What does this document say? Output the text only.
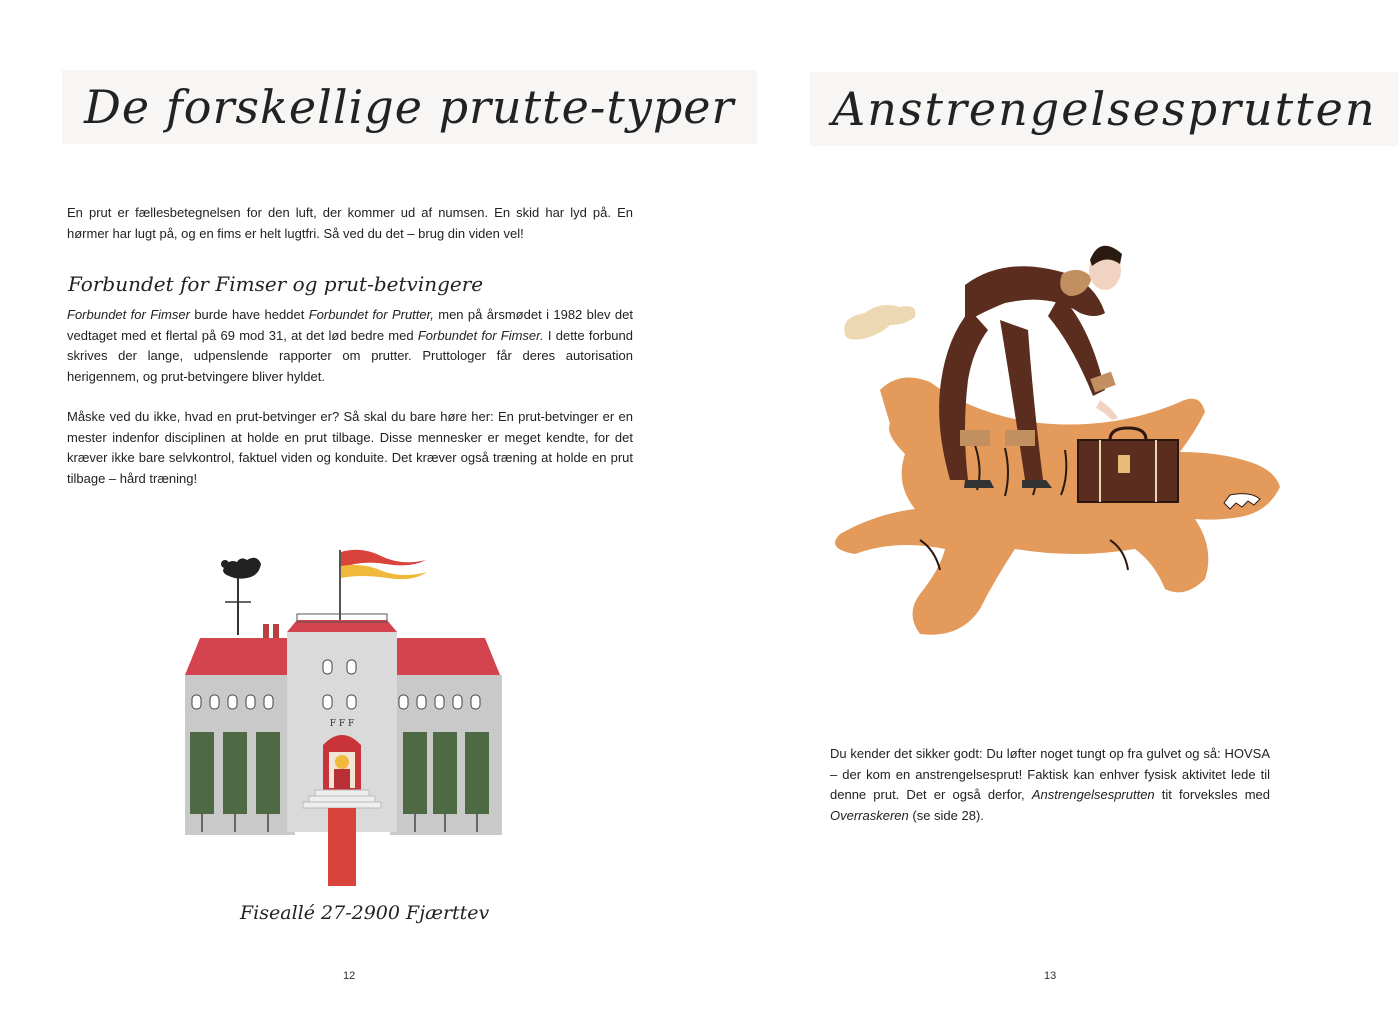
De forskellige prutte-typer

En prut er fællesbetegnelsen for den luft, der kommer ud af numsen. En skid har lyd på. En hørmer har lugt på, og en fims er helt lugtfri. Så ved du det – brug din viden vel!

Forbundet for Fimser og prut-betvingere

Forbundet for Fimser burde have heddet Forbundet for Prutter, men på årsmødet i 1982 blev det vedtaget med et flertal på 69 mod 31, at det lød bedre med Forbundet for Fimser. I dette forbund skrives der lange, udpenslende rapporter om prutter. Pruttologer får deres autorisation herigennem, og prut-betvingere bliver hyldet.

Måske ved du ikke, hvad en prut-betvinger er? Så skal du bare høre her: En prut-betvinger er en mester indenfor disciplinen at holde en prut tilbage. Disse mennesker er meget kendte, for det kræver ikke bare selvkontrol, faktuel viden og konduite. Det kræver også træning at holde en prut tilbage – hård træning!

F F F
Fiseallé 27-2900 Fjærttev
12
Anstrengelsesprutten

Du kender det sikker godt: Du løfter noget tungt op fra gulvet og så: HOVSA – der kom en anstrengelsesprut! Faktisk kan enhver fysisk aktivitet lede til denne prut. Det er også derfor, Anstrengelsesprutten tit forveksles med Overraskeren (se side 28).

13
